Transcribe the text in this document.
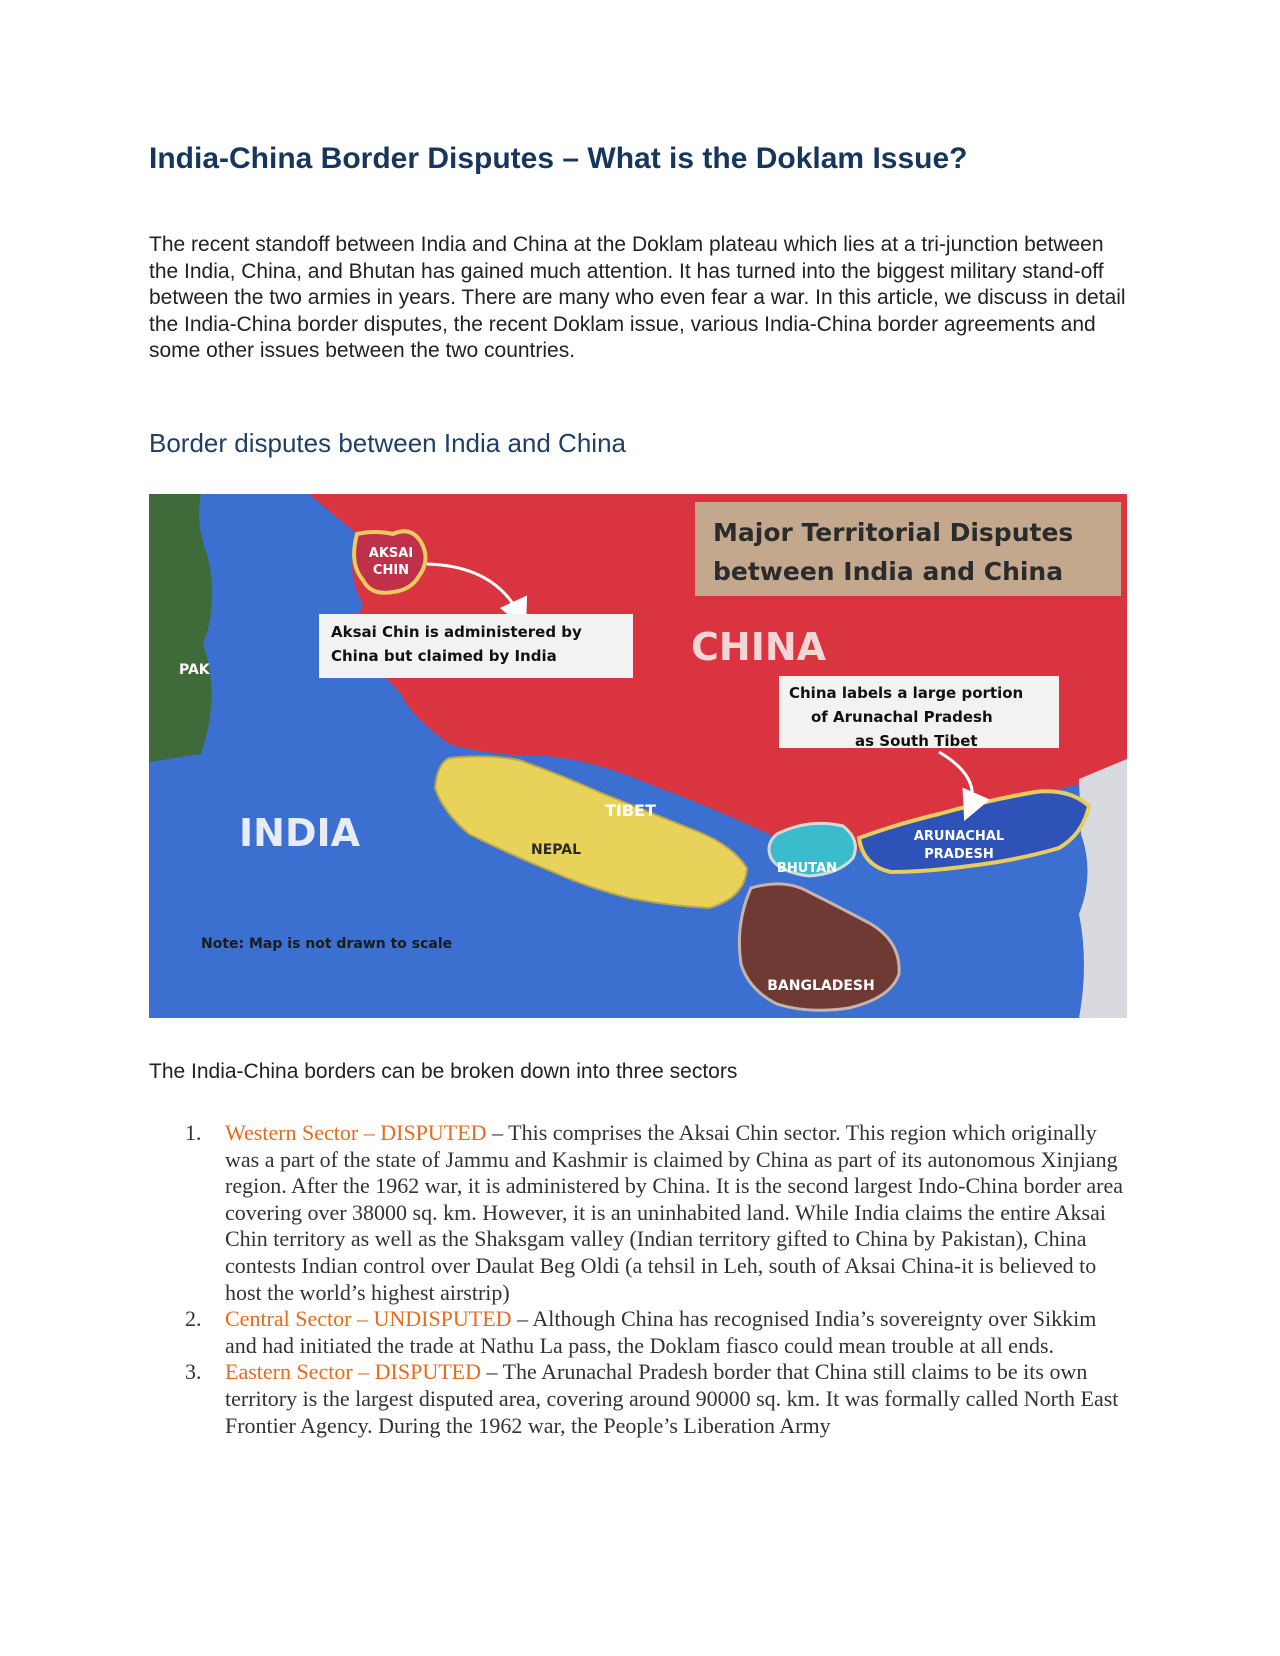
India-China Border Disputes – What is the Doklam Issue?

The recent standoff between India and China at the Doklam plateau which lies at a tri-junction between the India, China, and Bhutan has gained much attention. It has turned into the biggest military stand-off between the two armies in years. There are many who even fear a war. In this article, we discuss in detail the India-China border disputes, the recent Doklam issue, various India-China border agreements and some other issues between the two countries.

Border disputes between India and China
Major Territorial Disputes
between India and China
AKSAI
CHIN
Aksai Chin is administered by
China but claimed by India	CHINA
China labels a large portion
of Arunachal Pradesh
as South Tibet
PAK
INDIA
TIBET
NEPAL
BHUTAN
ARUNACHAL
PRADESH
BANGLADESH
Note: Map is not drawn to scale

The India-China borders can be broken down into three sectors

1. Western Sector – DISPUTED – This comprises the Aksai Chin sector. This region which originally was a part of the state of Jammu and Kashmir is claimed by China as part of its autonomous Xinjiang region. After the 1962 war, it is administered by China. It is the second largest Indo-China border area covering over 38000 sq. km. However, it is an uninhabited land. While India claims the entire Aksai Chin territory as well as the Shaksgam valley (Indian territory gifted to China by Pakistan), China contests Indian control over Daulat Beg Oldi (a tehsil in Leh, south of Aksai China-it is believed to host the world’s highest airstrip)
2. Central Sector – UNDISPUTED – Although China has recognised India’s sovereignty over Sikkim and had initiated the trade at Nathu La pass, the Doklam fiasco could mean trouble at all ends.
3. Eastern Sector – DISPUTED – The Arunachal Pradesh border that China still claims to be its own territory is the largest disputed area, covering around 90000 sq. km. It was formally called North East Frontier Agency. During the 1962 war, the People’s Liberation Army
